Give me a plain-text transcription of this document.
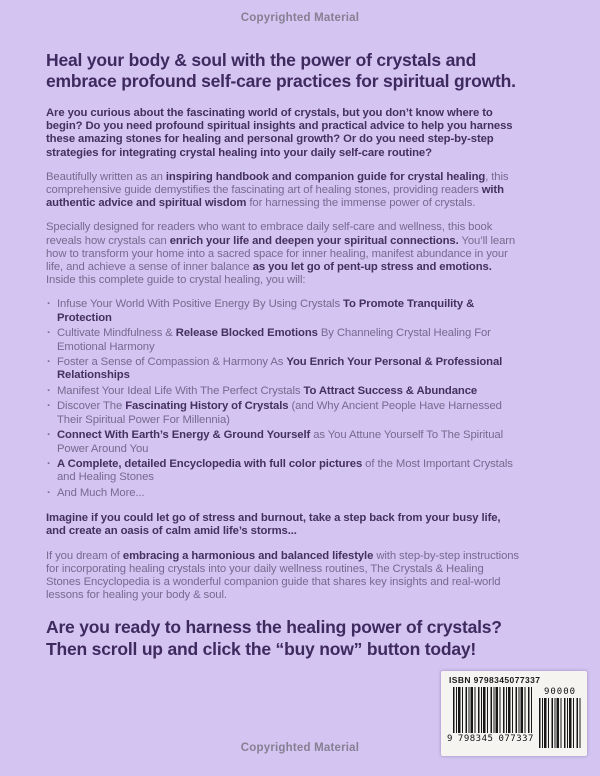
Copyrighted Material
Heal your body & soul with the power of crystals and embrace profound self-care practices for spiritual growth.

Are you curious about the fascinating world of crystals, but you don’t know where to begin? Do you need profound spiritual insights and practical advice to help you harness these amazing stones for healing and personal growth? Or do you need step-by-step strategies for integrating crystal healing into your daily self-care routine?

Beautifully written as an inspiring handbook and companion guide for crystal healing, this comprehensive guide demystifies the fascinating art of healing stones, providing readers with authentic advice and spiritual wisdom for harnessing the immense power of crystals.

Specially designed for readers who want to embrace daily self-care and wellness, this book reveals how crystals can enrich your life and deepen your spiritual connections. You’ll learn how to transform your home into a sacred space for inner healing, manifest abundance in your life, and achieve a sense of inner balance as you let go of pent-up stress and emotions. Inside this complete guide to crystal healing, you will:

· Infuse Your World With Positive Energy By Using Crystals To Promote Tranquility & Protection
· Cultivate Mindfulness & Release Blocked Emotions By Channeling Crystal Healing For Emotional Harmony
· Foster a Sense of Compassion & Harmony As You Enrich Your Personal & Professional Relationships
· Manifest Your Ideal Life With The Perfect Crystals To Attract Success & Abundance
· Discover The Fascinating History of Crystals (and Why Ancient People Have Harnessed Their Spiritual Power For Millennia)
· Connect With Earth’s Energy & Ground Yourself as You Attune Yourself To The Spiritual Power Around You
· A Complete, detailed Encyclopedia with full color pictures of the Most Important Crystals and Healing Stones
· And Much More...

Imagine if you could let go of stress and burnout, take a step back from your busy life, and create an oasis of calm amid life’s storms...

If you dream of embracing a harmonious and balanced lifestyle with step-by-step instructions for incorporating healing crystals into your daily wellness routines, The Crystals & Healing Stones Encyclopedia is a wonderful companion guide that shares key insights and real-world lessons for healing your body & soul.

Are you ready to harness the healing power of crystals? Then scroll up and click the “buy now” button today!
ISBN 9798345077337
9 798345 077337
90000
Copyrighted Material
